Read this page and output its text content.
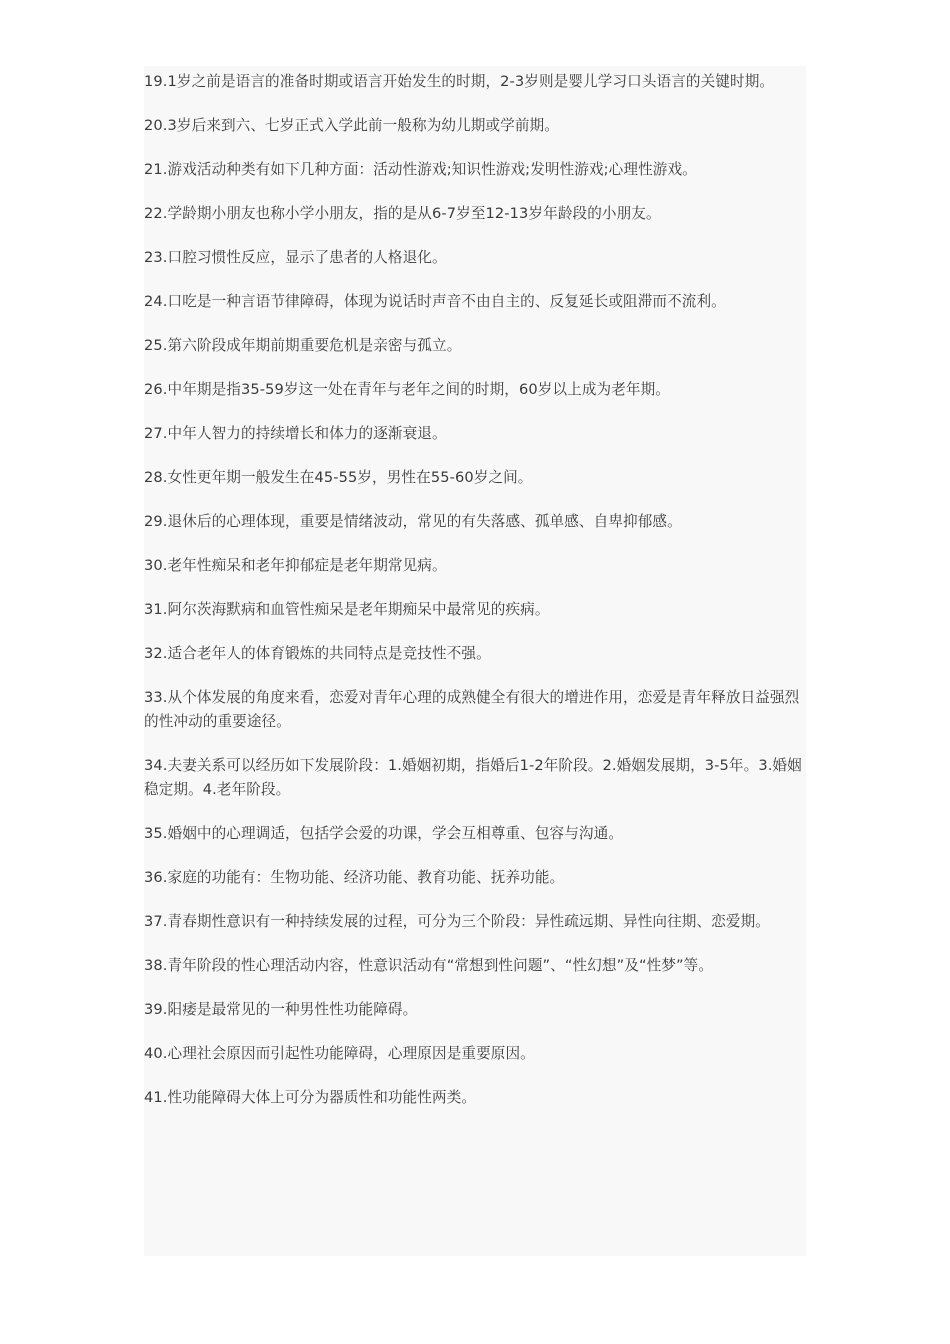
19.1岁之前是语言的准备时期或语言开始发生的时期，2-3岁则是婴儿学习口头语言的关键时期。

20.3岁后来到六、七岁正式入学此前一般称为幼儿期或学前期。

21.游戏活动种类有如下几种方面：活动性游戏;知识性游戏;发明性游戏;心理性游戏。

22.学龄期小朋友也称小学小朋友，指的是从6-7岁至12-13岁年龄段的小朋友。

23.口腔习惯性反应，显示了患者的人格退化。

24.口吃是一种言语节律障碍，体现为说话时声音不由自主的、反复延长或阻滞而不流利。

25.第六阶段成年期前期重要危机是亲密与孤立。

26.中年期是指35-59岁这一处在青年与老年之间的时期，60岁以上成为老年期。

27.中年人智力的持续增长和体力的逐渐衰退。

28.女性更年期一般发生在45-55岁，男性在55-60岁之间。

29.退休后的心理体现，重要是情绪波动，常见的有失落感、孤单感、自卑抑郁感。

30.老年性痴呆和老年抑郁症是老年期常见病。

31.阿尔茨海默病和血管性痴呆是老年期痴呆中最常见的疾病。

32.适合老年人的体育锻炼的共同特点是竞技性不强。

33.从个体发展的角度来看，恋爱对青年心理的成熟健全有很大的增进作用，恋爱是青年释放日益强烈的性冲动的重要途径。

34.夫妻关系可以经历如下发展阶段：1.婚姻初期，指婚后1-2年阶段。2.婚姻发展期，3-5年。3.婚姻稳定期。4.老年阶段。

35.婚姻中的心理调适，包括学会爱的功课，学会互相尊重、包容与沟通。

36.家庭的功能有：生物功能、经济功能、教育功能、抚养功能。

37.青春期性意识有一种持续发展的过程，可分为三个阶段：异性疏远期、异性向往期、恋爱期。

38.青年阶段的性心理活动内容，性意识活动有“常想到性问题”、“性幻想”及“性梦”等。

39.阳痿是最常见的一种男性性功能障碍。

40.心理社会原因而引起性功能障碍，心理原因是重要原因。

41.性功能障碍大体上可分为器质性和功能性两类。
